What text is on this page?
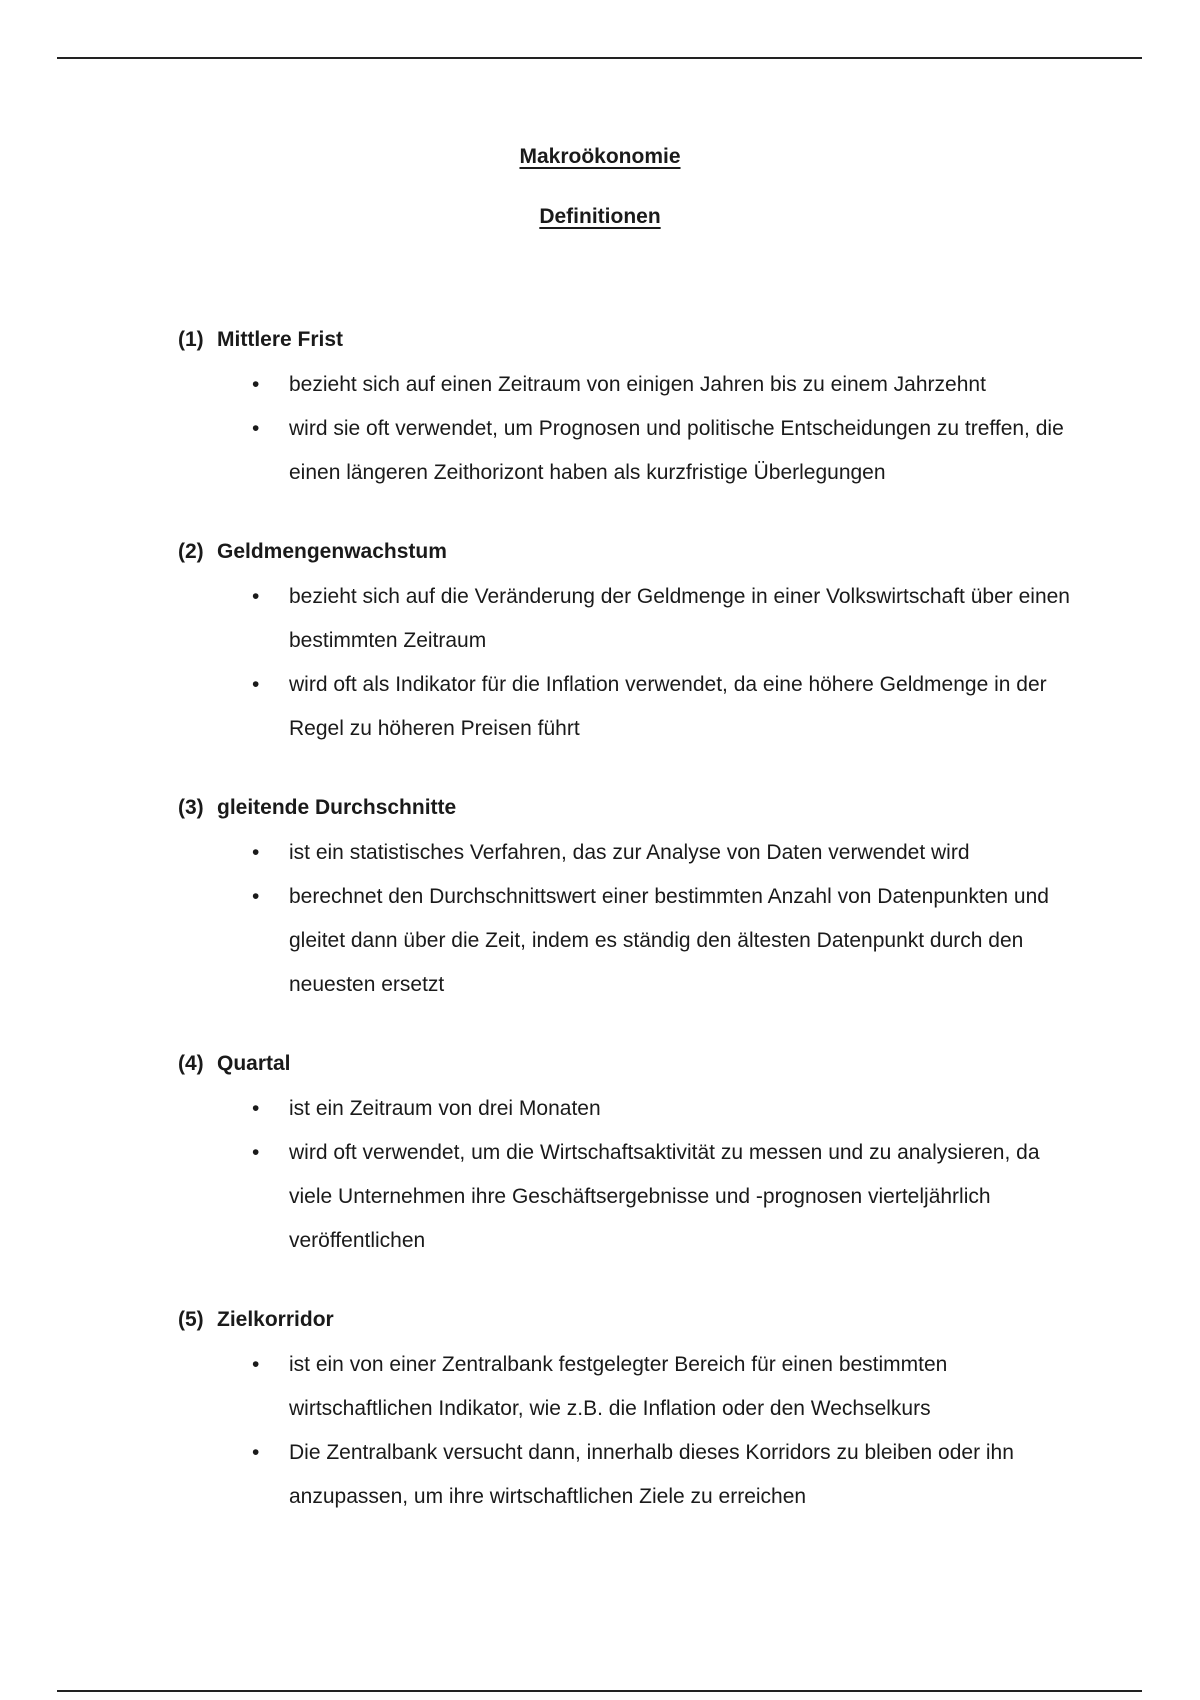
Makroökonomie
Definitionen
(1) Mittlere Frist
• bezieht sich auf einen Zeitraum von einigen Jahren bis zu einem Jahrzehnt
• wird sie oft verwendet, um Prognosen und politische Entscheidungen zu treffen, die einen längeren Zeithorizont haben als kurzfristige Überlegungen
(2) Geldmengenwachstum
• bezieht sich auf die Veränderung der Geldmenge in einer Volkswirtschaft über einen bestimmten Zeitraum
• wird oft als Indikator für die Inflation verwendet, da eine höhere Geldmenge in der Regel zu höheren Preisen führt
(3) gleitende Durchschnitte
• ist ein statistisches Verfahren, das zur Analyse von Daten verwendet wird
• berechnet den Durchschnittswert einer bestimmten Anzahl von Datenpunkten und gleitet dann über die Zeit, indem es ständig den ältesten Datenpunkt durch den neuesten ersetzt
(4) Quartal
• ist ein Zeitraum von drei Monaten
• wird oft verwendet, um die Wirtschaftsaktivität zu messen und zu analysieren, da viele Unternehmen ihre Geschäftsergebnisse und -prognosen vierteljährlich veröffentlichen
(5) Zielkorridor
• ist ein von einer Zentralbank festgelegter Bereich für einen bestimmten wirtschaftlichen Indikator, wie z.B. die Inflation oder den Wechselkurs
• Die Zentralbank versucht dann, innerhalb dieses Korridors zu bleiben oder ihn anzupassen, um ihre wirtschaftlichen Ziele zu erreichen
